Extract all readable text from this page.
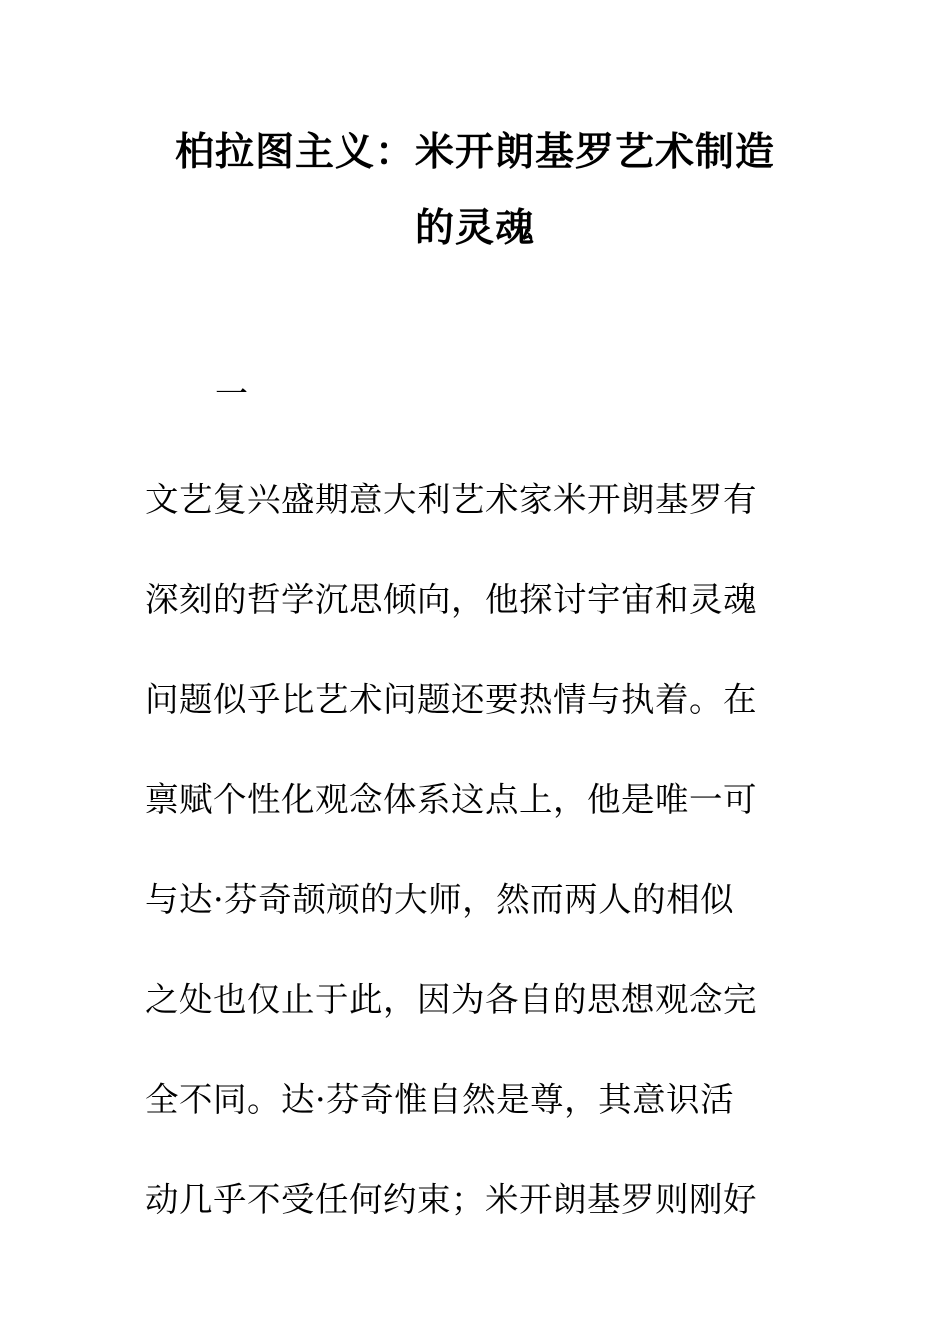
柏拉图主义：米开朗基罗艺术制造
的灵魂
一
文艺复兴盛期意大利艺术家米开朗基罗有
深刻的哲学沉思倾向，他探讨宇宙和灵魂
问题似乎比艺术问题还要热情与执着。在
禀赋个性化观念体系这点上，他是唯一可
与达·芬奇颉颃的大师，然而两人的相似
之处也仅止于此，因为各自的思想观念完
全不同。达·芬奇惟自然是尊，其意识活
动几乎不受任何约束；米开朗基罗则刚好
